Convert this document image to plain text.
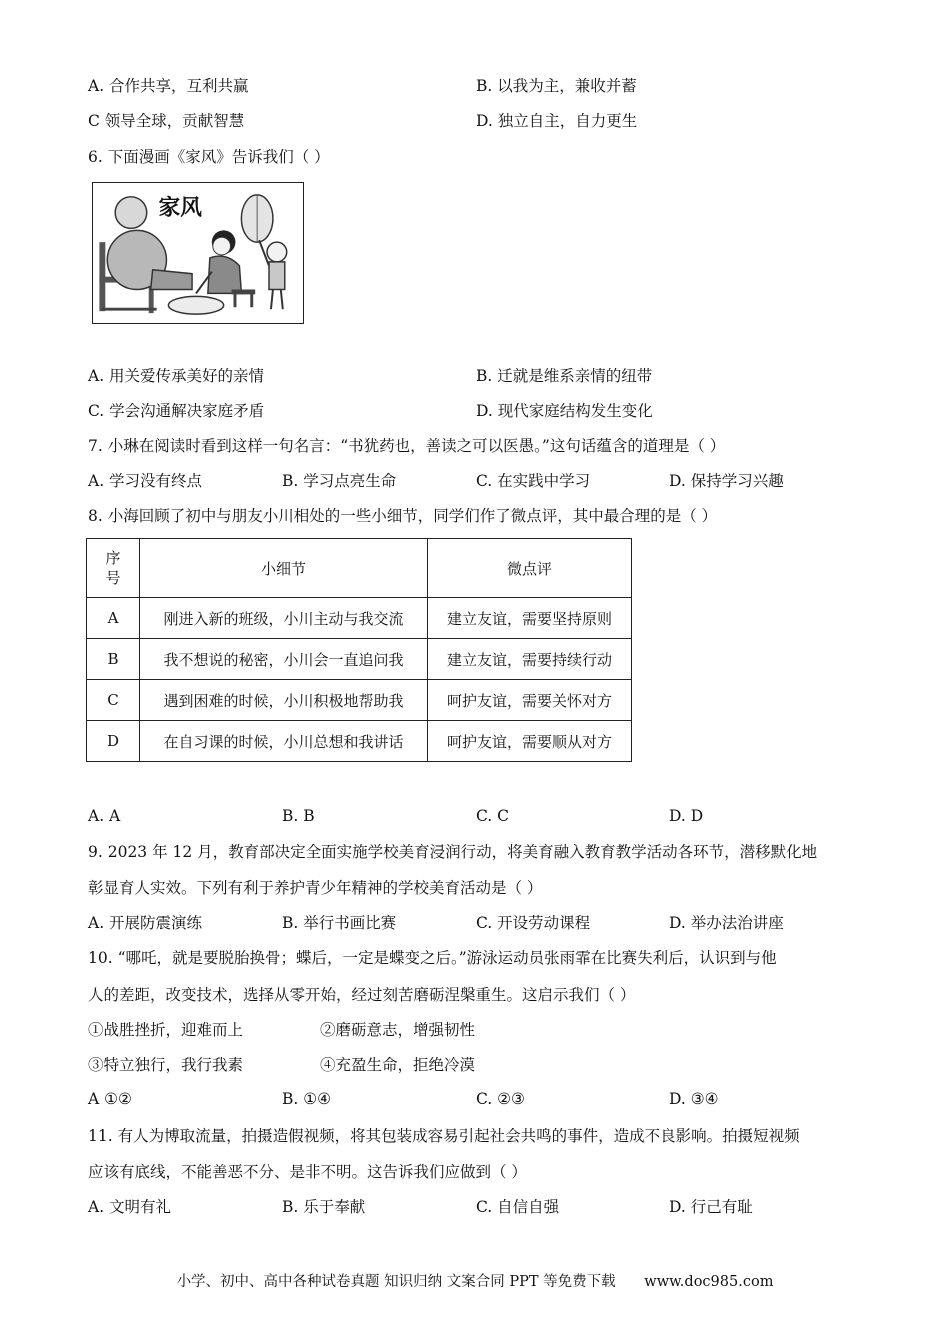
A. 合作共享，互利共赢	B. 以我为主，兼收并蓄
C 领导全球，贡献智慧	D. 独立自主，自力更生
6. 下面漫画《家风》告诉我们（ ）
家风
A. 用关爱传承美好的亲情	B. 迁就是维系亲情的纽带
C. 学会沟通解决家庭矛盾	D. 现代家庭结构发生变化
7. 小琳在阅读时看到这样一句名言：“书犹药也，善读之可以医愚。”这句话蕴含的道理是（ ）
A. 学习没有终点	B. 学习点亮生命	C. 在实践中学习	D. 保持学习兴趣
8. 小海回顾了初中与朋友小川相处的一些小细节，同学们作了微点评，其中最合理的是（ ）
序
号	小细节	微点评
A	刚进入新的班级，小川主动与我交流	建立友谊，需要坚持原则
B	我不想说的秘密，小川会一直追问我	建立友谊，需要持续行动
C	遇到困难的时候，小川积极地帮助我	呵护友谊，需要关怀对方
D	在自习课的时候，小川总想和我讲话	呵护友谊，需要顺从对方
A. A	B. B	C. C	D. D
9. 2023 年 12 月，教育部决定全面实施学校美育浸润行动，将美育融入教育教学活动各环节，潜移默化地
彰显育人实效。下列有利于养护青少年精神的学校美育活动是（ ）
A. 开展防震演练	B. 举行书画比赛	C. 开设劳动课程	D. 举办法治讲座
10. “哪吒，就是要脱胎换骨；蝶后，一定是蝶变之后。”游泳运动员张雨霏在比赛失利后，认识到与他
人的差距，改变技术，选择从零开始，经过刻苦磨砺涅槃重生。这启示我们（ ）
①战胜挫折，迎难而上	②磨砺意志，增强韧性
③特立独行，我行我素	④充盈生命，拒绝冷漠
A ①②	B. ①④	C. ②③	D. ③④
11. 有人为博取流量，拍摄造假视频，将其包装成容易引起社会共鸣的事件，造成不良影响。拍摄短视频
应该有底线，不能善恶不分、是非不明。这告诉我们应做到（ ）
A. 文明有礼	B. 乐于奉献	C. 自信自强	D. 行己有耻
小学、初中、高中各种试卷真题 知识归纳 文案合同 PPT 等免费下载 www.doc985.com
